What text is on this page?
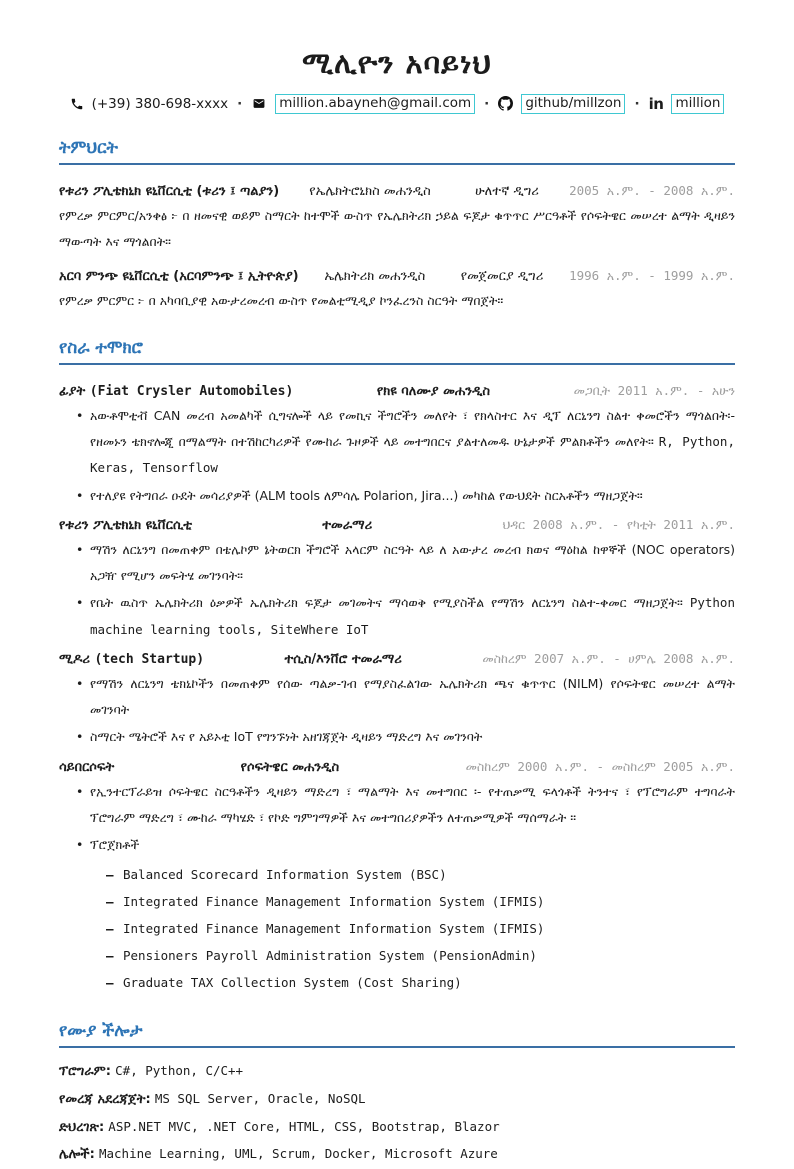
ሚሊዮን አባይነህ
(+39) 380-698-xxxx ·	million.abayneh@gmail.com ·	github/millzon · in million
ትምህርት
የቱሪን ፖሊቴክኒክ ዩኒቨርሲቲ (ቱሪን ፤ ጣልያን) የኤሌክትሮኒክስ መሐንዲስ	ሁለተኛ ዲግሪ 2005 አ.ም. - 2008 አ.ም.

የምረቃ ምርምር/አንቀፅ ፦ በ ዘመናዊ ወይም ስማርት ከተሞች ውስጥ የኤሌክትሪክ ኃይል ፍጆታ ቁጥጥር ሥርዓቶች የሶፍትዌር መሠረተ ልማት ዲዛይን ማውጣት እና ማጎልበት።

አርባ ምንጭ ዩኒቨርሲቲ (አርባምንጭ ፤ ኢትዮጵያ) ኤሌክትሪክ መሐንዲስ	የመጀመርያ ዲግሪ 1996 አ.ም. - 1999 አ.ም.

የምረቃ ምርምር ፦ በ አካባቢያዊ አውታረመረብ ውስጥ የመልቲሚዲያ ኮንፈረንስ ስርዓት ማበጀት።

የስራ ተሞክሮ
ፊያት (Fiat Crysler Automobiles)	የክዩ ባለሙያ መሐንዲስ	መጋቢት 2011 አ.ም. - አሁን
• አውቶሞቲቭ CAN መረብ አመልካች ሲግናሎች ላይ የመኪና ችግሮችን መለየት ፣ የክላስተር እና ዲፕ ለርኒንግ ስልተ ቀመሮችን ማጎልበት፡- የዘመኑን ቴክኖሎጂ በማልማት በተሽከርካሪዎች የሙከራ ጉዞዎች ላይ መተግበርና ያልተለመዱ ሁኔታዎች ምልክቶችን መለየት። R, Python, Keras, Tensorflow
• የተለያዩ የትግበራ ዑደት መሳሪያዎች (ALM tools ለምሳሌ Polarion, Jira...) መካከል የውህደት ስርአቶችን ማዘጋጀት።
የቱሪን ፖሊቴክኒክ ዩኒቨርሲቲ	ተመራማሪ	ህዳር 2008 አ.ም. - የካቲት 2011 አ.ም.
• ማሽን ለርኒንግ በመጠቀም በቴሌኮም ኔትወርክ ችግሮች አላርም ስርዓት ላይ ለ አውታረ መረብ ክወና ማዕከል ከዋኞች (NOC operators) አጋዥ የሚሆን መፍትሄ መገንባት።
• የቤት ዉስጥ ኤሌክትሪክ ዕቃዎች ኤሌክትሪክ ፍጆታ መገመትና ማሳወቅ የሚያስችል የማሽን ለርኒንግ ስልተ-ቀመር ማዘጋጀት። Python machine learning tools, SiteWhere IoT
ሚዶሪ (tech Startup)	ተሲስ/እንቨሮ ተመራማሪ	መስከረም 2007 አ.ም. - ሀምሌ 2008 አ.ም.
• የማሽን ለርኒንግ ቴክኒኮችን በመጠቀም የሰው ጣልቃ-ገብ የማያስፈልገው ኤሌክትሪክ ጫና ቁጥጥር (NILM) የሶፍትዌር መሠረተ ልማት መገንባት
• ስማርት ሜትሮች እና የ አይኦቲ IoT የግንኙነት አዘገጃጀት ዲዛይን ማድረግ እና መገንባት
ሳይበርሶፍት	የሶፍትዌር መሐንዲስ	መስከረም 2000 አ.ም. - መስከረም 2005 አ.ም.
• የኢንተርፕራይዝ ሶፍትዌር ስርዓቶችን ዲዛይን ማድረግ ፣ ማልማት እና መተግበር ፡- የተጠቃሚ ፍላጎቶች ትንተና ፣ የፕሮግራም ተግባራት ፕሮግራም ማድረግ ፣ ሙከራ ማካሄድ ፣ የኮድ ግምገማዎች እና መተግበሪያዎችን ለተጠቃሚዎች ማሰማራት ።
• ፕሮጀክቶች
– Balanced Scorecard Information System (BSC)
– Integrated Finance Management Information System (IFMIS)
– Integrated Finance Management Information System (IFMIS)
– Pensioners Payroll Administration System (PensionAdmin)
– Graduate TAX Collection System (Cost Sharing)
የሙያ ችሎታ
ፕሮግራም: C#, Python, C/C++
የመረጃ አደረጃጀት: MS SQL Server, Oracle, NoSQL
ድህረገጽ: ASP.NET MVC, .NET Core, HTML, CSS, Bootstrap, Blazor
ሌሎች: Machine Learning, UML, Scrum, Docker, Microsoft Azure
